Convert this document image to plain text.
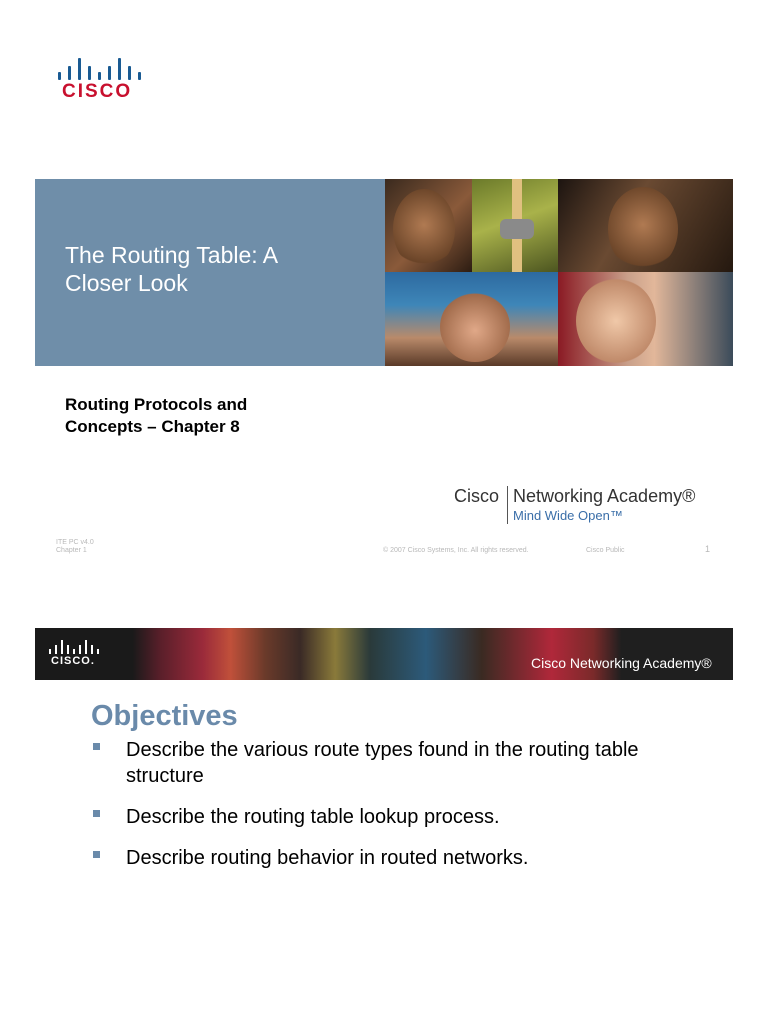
CISCO
The Routing Table: A
Closer Look
Routing Protocols and
Concepts – Chapter 8
Cisco Networking Academy®
Mind Wide Open™
ITE PC v4.0
Chapter 1	© 2007 Cisco Systems, Inc. All rights reserved.	Cisco Public	1
CISCO.	Cisco Networking Academy®
Objectives
Describe the various route types found in the routing table structure
Describe the routing table lookup process.
Describe routing behavior in routed networks.
